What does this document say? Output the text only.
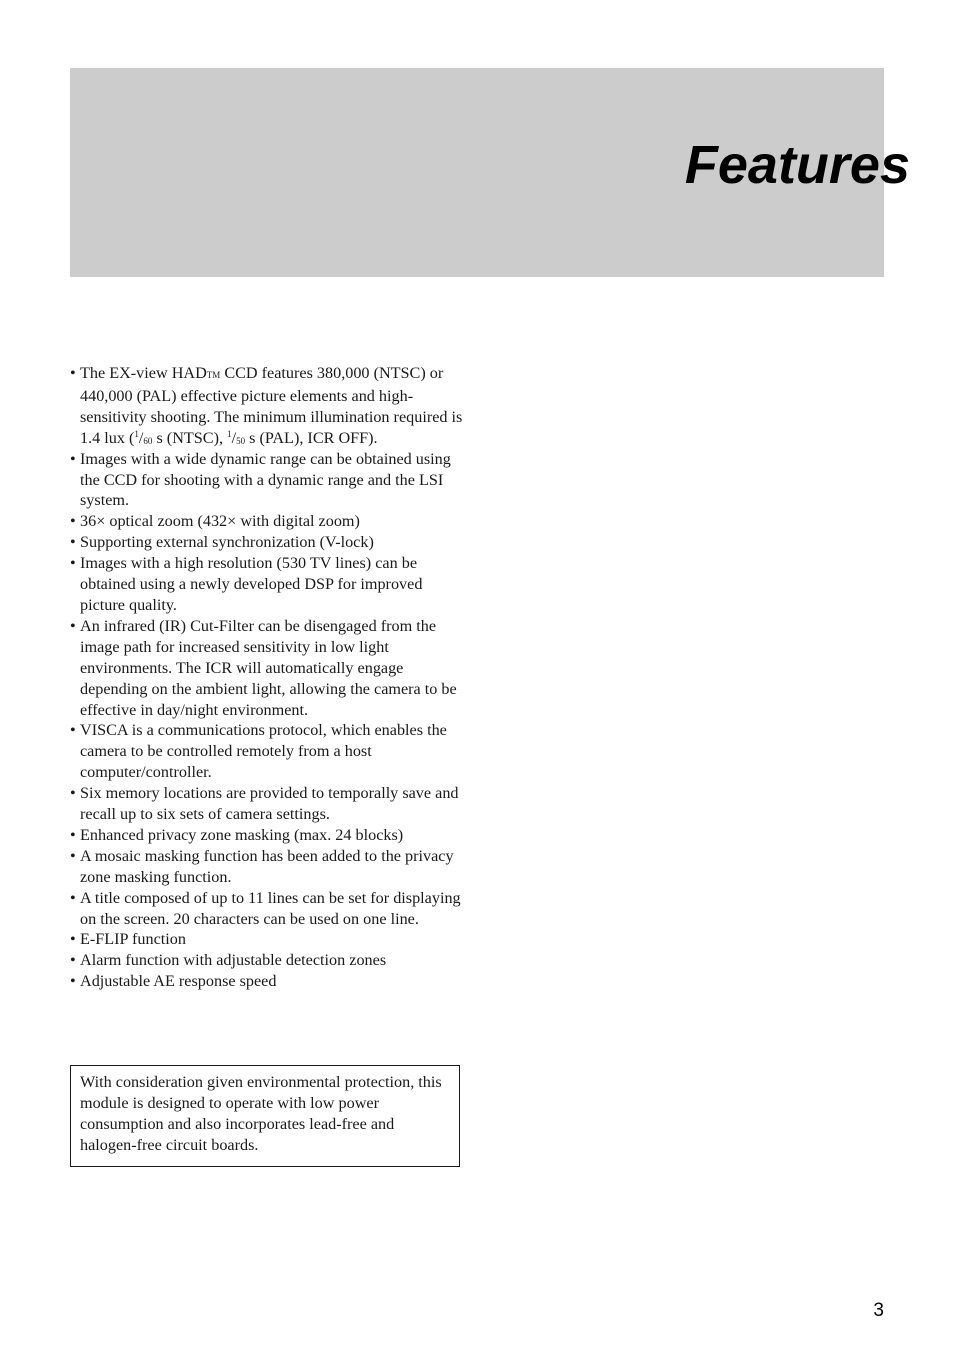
Features
• The EX-view HADTM CCD features 380,000 (NTSC) or 440,000 (PAL) effective picture elements and high-sensitivity shooting. The minimum illumination required is 1.4 lux ($^1/_{60}$ s (NTSC), $^1/_{50}$ s (PAL), ICR OFF).
• Images with a wide dynamic range can be obtained using the CCD for shooting with a dynamic range and the LSI system.
• 36× optical zoom (432× with digital zoom)
• Supporting external synchronization (V-lock)
• Images with a high resolution (530 TV lines) can be obtained using a newly developed DSP for improved picture quality.
• An infrared (IR) Cut-Filter can be disengaged from the image path for increased sensitivity in low light environments. The ICR will automatically engage depending on the ambient light, allowing the camera to be effective in day/night environment.
• VISCA is a communications protocol, which enables the camera to be controlled remotely from a host computer/controller.
• Six memory locations are provided to temporally save and recall up to six sets of camera settings.
• Enhanced privacy zone masking (max. 24 blocks)
• A mosaic masking function has been added to the privacy zone masking function.
• A title composed of up to 11 lines can be set for displaying on the screen. 20 characters can be used on one line.
• E-FLIP function
• Alarm function with adjustable detection zones
• Adjustable AE response speed
With consideration given environmental protection, this module is designed to operate with low power consumption and also incorporates lead-free and halogen-free circuit boards.
3
